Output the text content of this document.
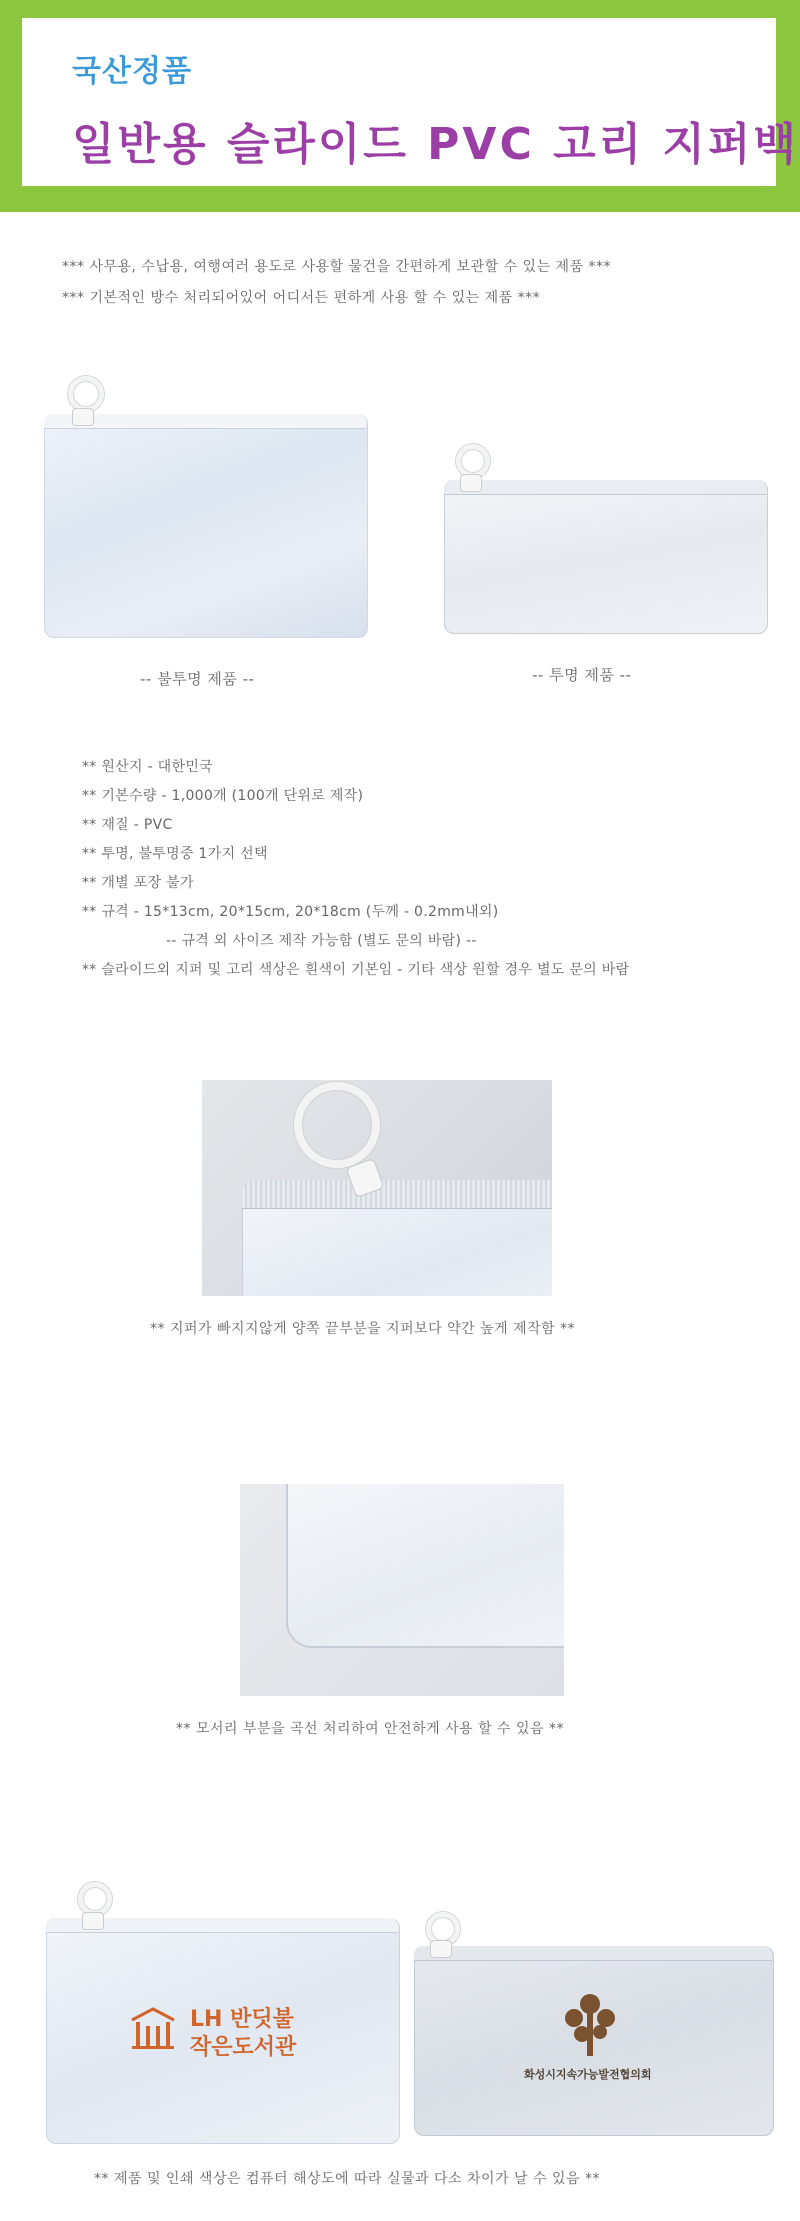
국산정품
일반용 슬라이드 PVC 고리 지퍼백
*** 사무용, 수납용, 여행여러 용도로 사용할 물건을 간편하게 보관할 수 있는 제품 ***
*** 기본적인 방수 처리되어있어 어디서든 편하게 사용 할 수 있는 제품 ***
-- 불투명 제품 --	-- 투명 제품 --
** 원산지 - 대한민국
** 기본수량 - 1,000개 (100개 단위로 제작)
** 재질 - PVC
** 투명, 불투명중 1가지 선택
** 개별 포장 불가
** 규격 - 15*13cm, 20*15cm, 20*18cm (두께 - 0.2mm내외)
-- 규격 외 사이즈 제작 가능함 (별도 문의 바람) --
** 슬라이드외 지퍼 및 고리 색상은 흰색이 기본임 - 기타 색상 원할 경우 별도 문의 바람
** 지퍼가 빠지지않게 양쪽 끝부분을 지퍼보다 약간 높게 제작함 **
** 모서리 부분을 곡선 처리하여 안전하게 사용 할 수 있음 **
LH 반딧불
작은도서관
화성시지속가능발전협의회
** 제품 및 인쇄 색상은 컴퓨터 해상도에 따라 실물과 다소 차이가 날 수 있음 **
